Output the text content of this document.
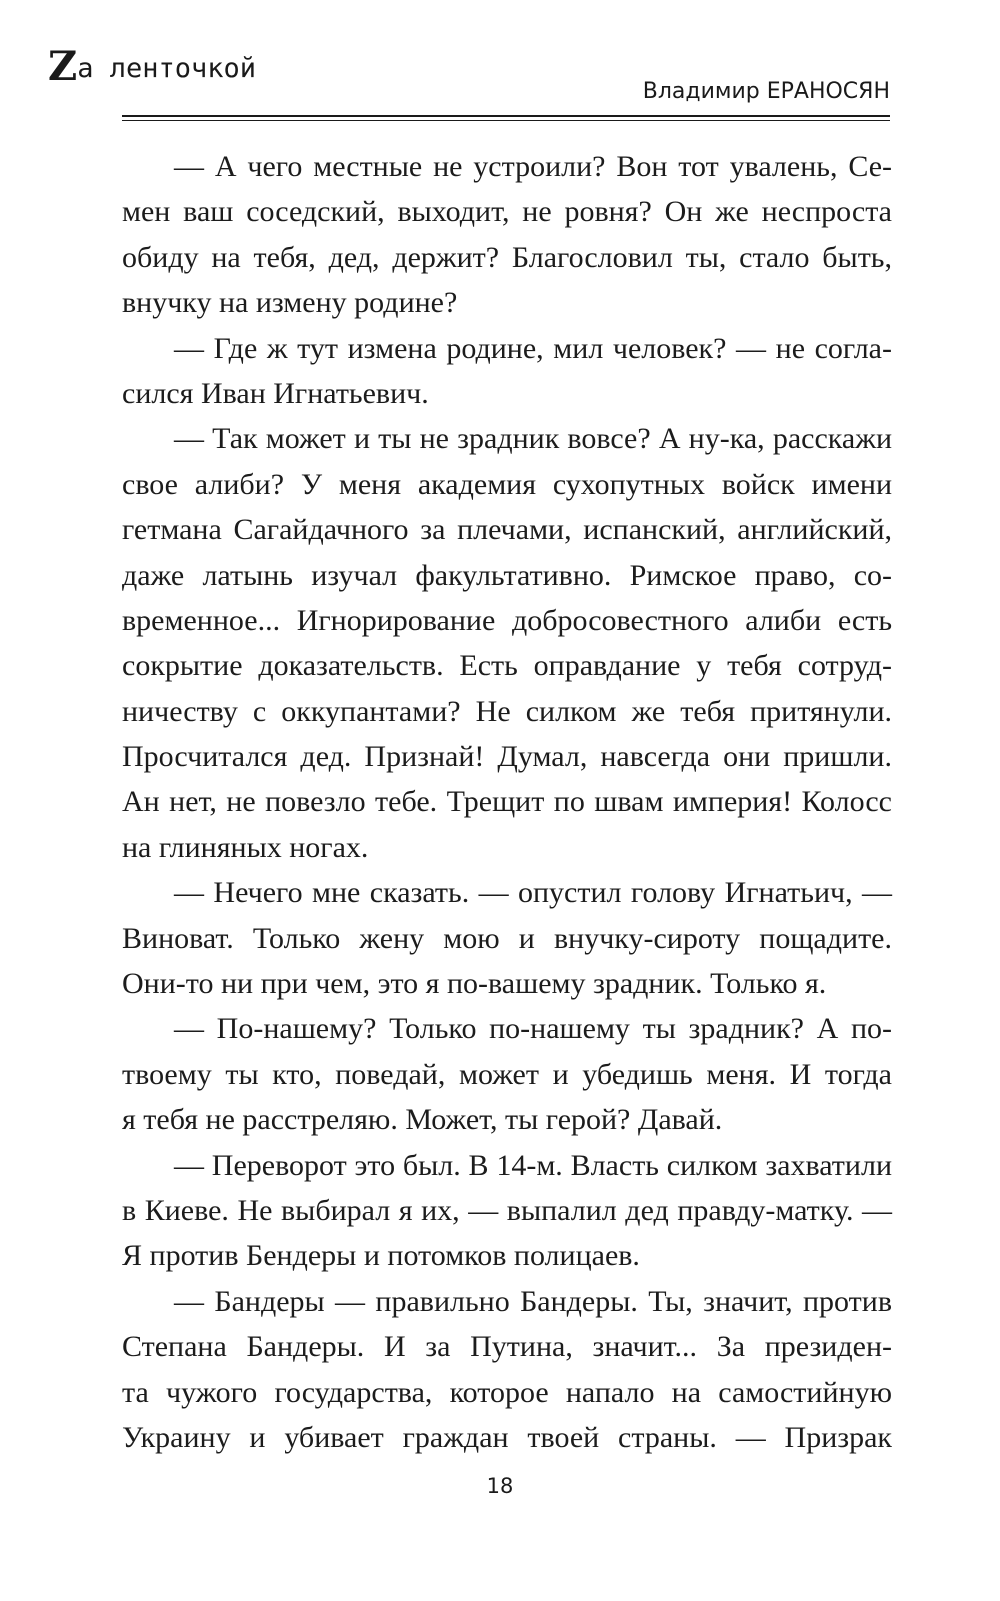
Zа ленточкой
Владимир ЕРАНОСЯН
— А чего местные не устроили? Вон тот увалень, Се-
мен ваш соседский, выходит, не ровня? Он же неспроста
обиду на тебя, дед, держит? Благословил ты, стало быть,
внучку на измену родине?
— Где ж тут измена родине, мил человек? — не согла-
сился Иван Игнатьевич.
— Так может и ты не зрадник вовсе? А ну-ка, расскажи
свое алиби? У меня академия сухопутных войск имени
гетмана Сагайдачного за плечами, испанский, английский,
даже латынь изучал факультативно. Римское право, со-
временное... Игнорирование добросовестного алиби есть
сокрытие доказательств. Есть оправдание у тебя сотруд-
ничеству с оккупантами? Не силком же тебя притянули.
Просчитался дед. Признай! Думал, навсегда они пришли.
Ан нет, не повезло тебе. Трещит по швам империя! Колосс
на глиняных ногах.
— Нечего мне сказать. — опустил голову Игнатьич, —
Виноват. Только жену мою и внучку-сироту пощадите.
Они-то ни при чем, это я по-вашему зрадник. Только я.
— По-нашему? Только по-нашему ты зрадник? А по-
твоему ты кто, поведай, может и убедишь меня. И тогда
я тебя не расстреляю. Может, ты герой? Давай.
— Переворот это был. В 14-м. Власть силком захватили
в Киеве. Не выбирал я их, — выпалил дед правду-матку. —
Я против Бендеры и потомков полицаев.
— Бандеры — правильно Бандеры. Ты, значит, против
Степана Бандеры. И за Путина, значит... За президен-
та чужого государства, которое напало на самостийную
Украину и убивает граждан твоей страны. — Призрак
18
